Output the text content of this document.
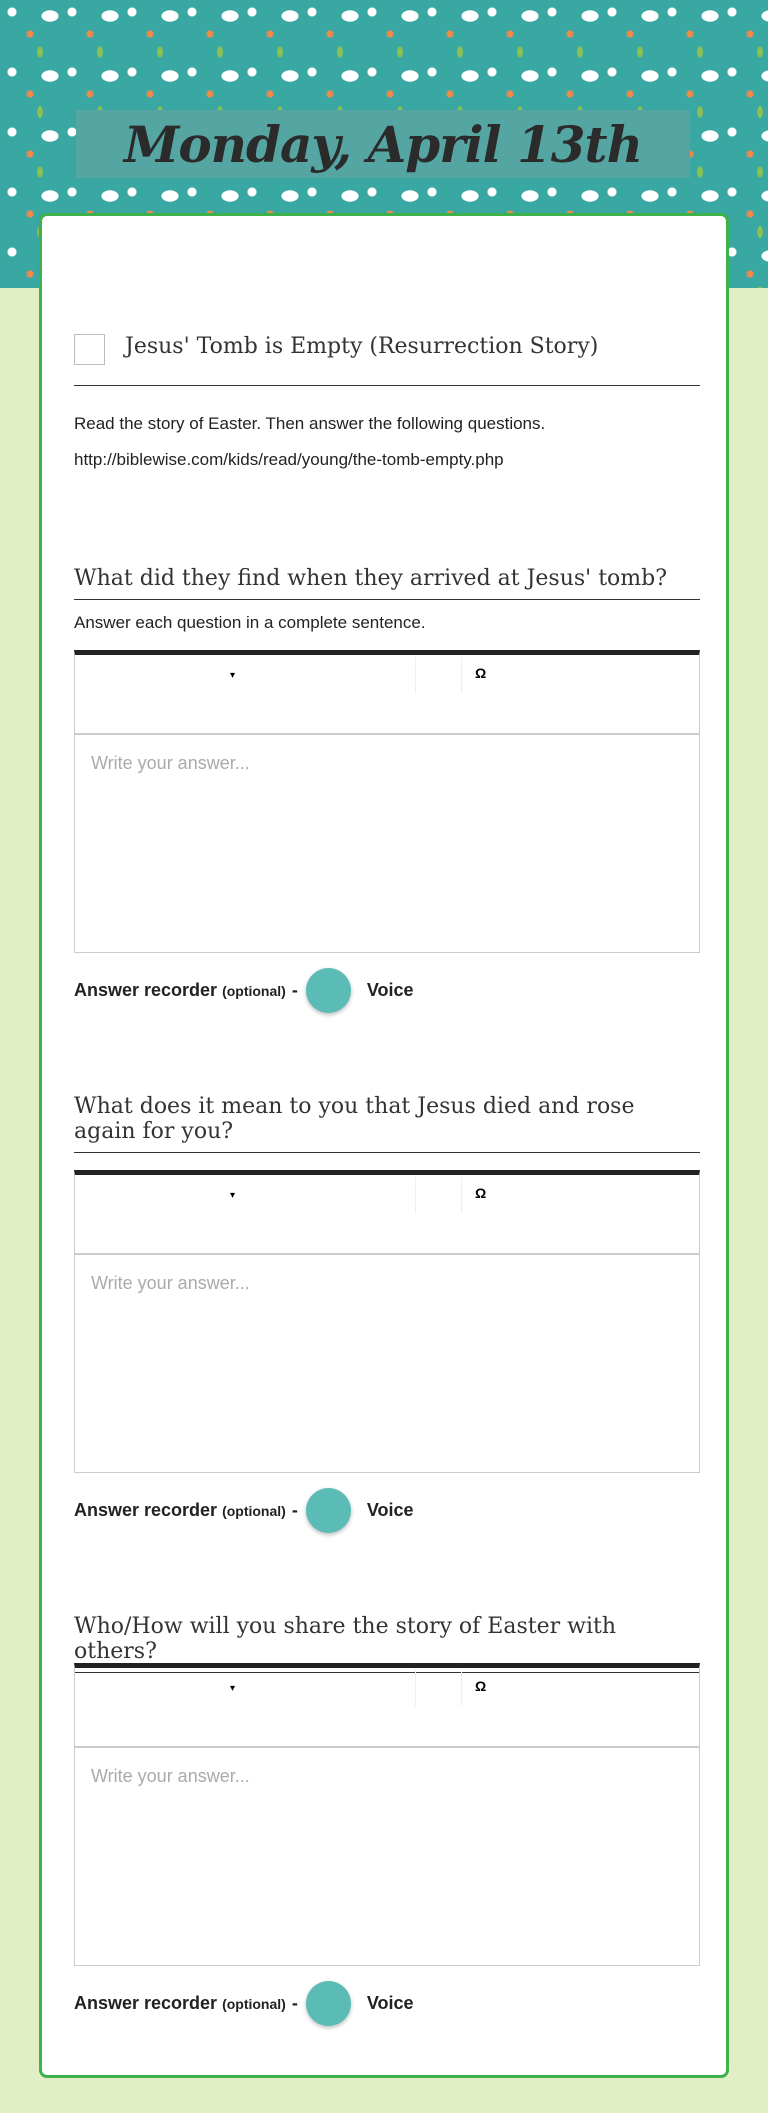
Monday, April 13th
Jesus' Tomb is Empty (Resurrection Story)
Read the story of Easter. Then answer the following questions.
http://biblewise.com/kids/read/young/the-tomb-empty.php
What did they find when they arrived at Jesus' tomb?
Answer each question in a complete sentence.
▾	Ω
Write your answer...
Answer recorder (optional) -	Voice
What does it mean to you that Jesus died and rose again for you?
▾	Ω
Write your answer...
Answer recorder (optional) -	Voice
Who/How will you share the story of Easter with others?
▾	Ω
Write your answer...
Answer recorder (optional) -	Voice
